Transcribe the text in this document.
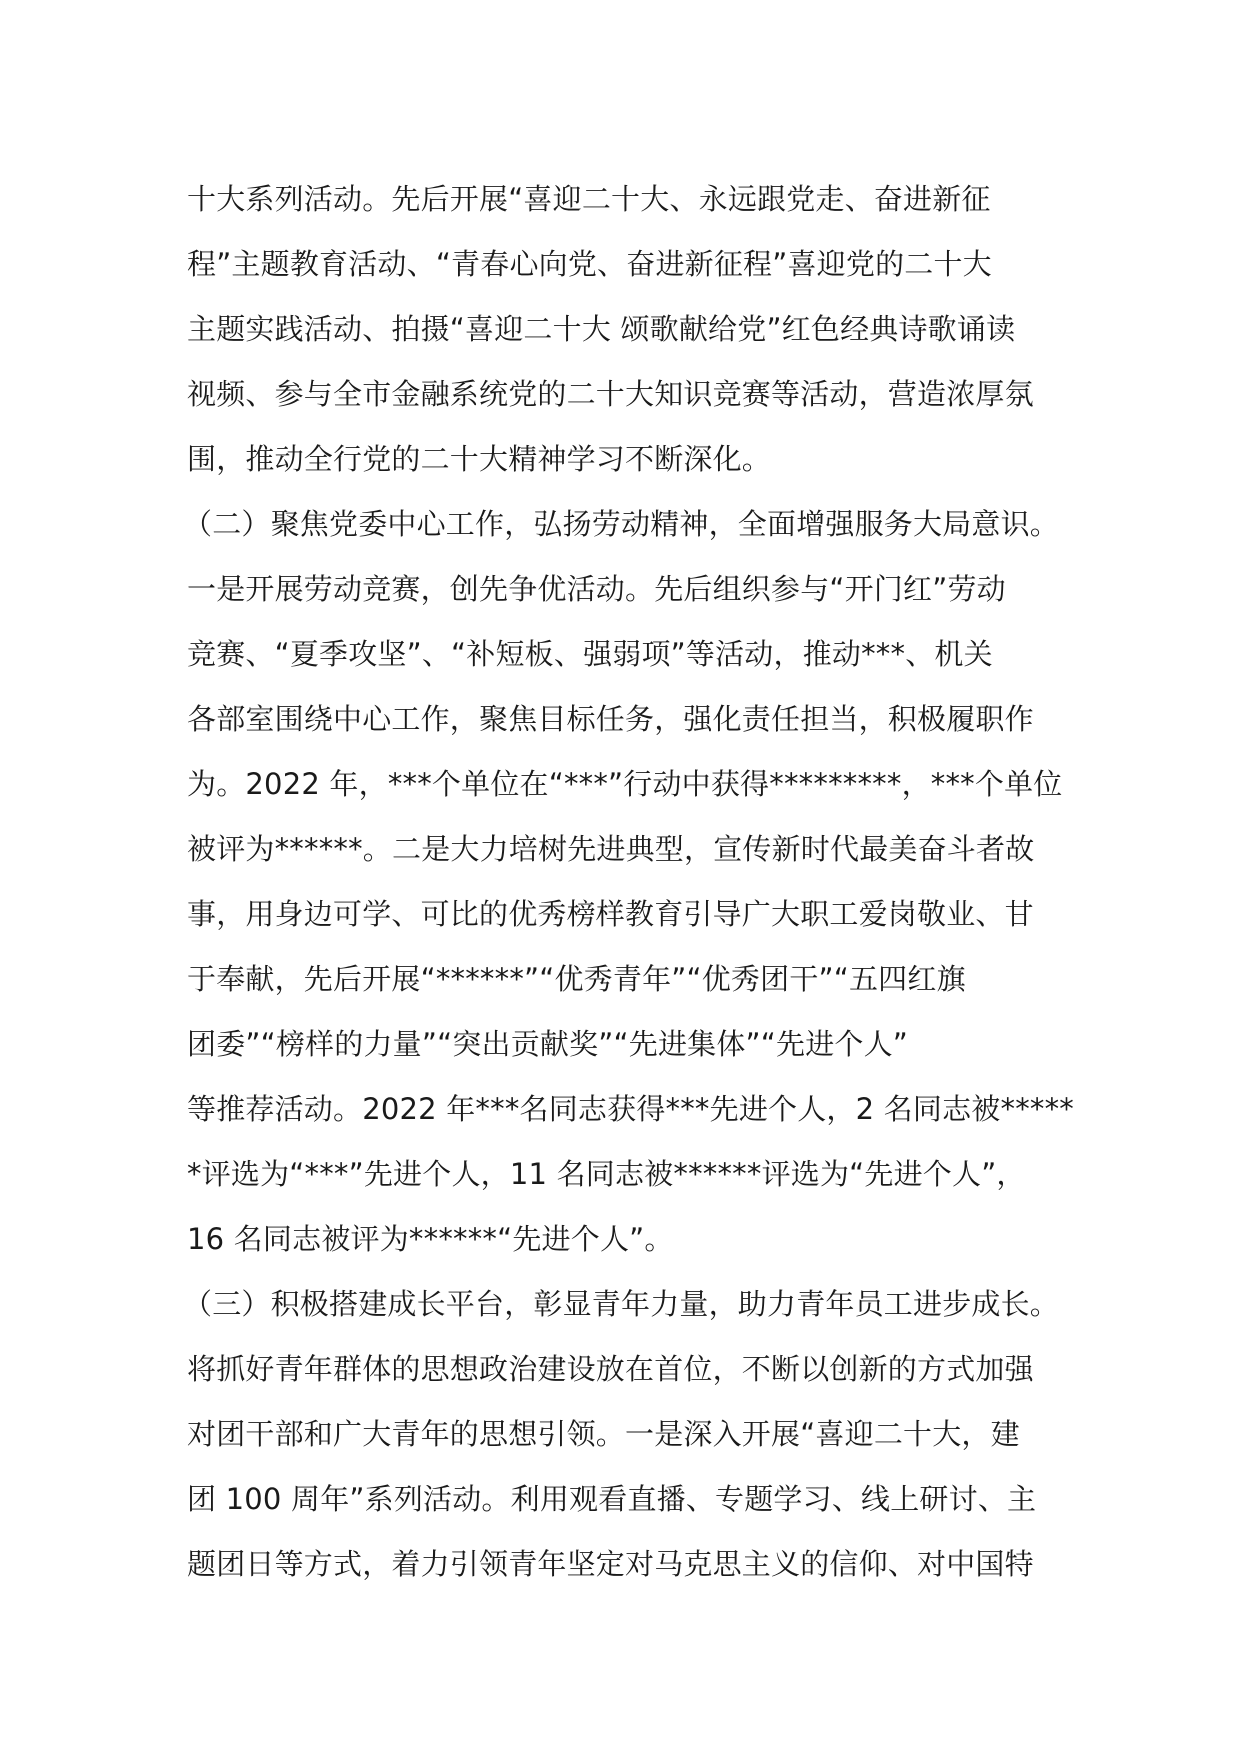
十大系列活动。先后开展“喜迎二十大、永远跟党走、奋进新征
程”主题教育活动、“青春心向党、奋进新征程”喜迎党的二十大
主题实践活动、拍摄“喜迎二十大 颂歌献给党”红色经典诗歌诵读
视频、参与全市金融系统党的二十大知识竞赛等活动，营造浓厚氛
围，推动全行党的二十大精神学习不断深化。
（二）聚焦党委中心工作，弘扬劳动精神，全面增强服务大局意识。
一是开展劳动竞赛，创先争优活动。先后组织参与“开门红”劳动
竞赛、“夏季攻坚”、“补短板、强弱项”等活动，推动***、机关
各部室围绕中心工作，聚焦目标任务，强化责任担当，积极履职作
为。2022 年，***个单位在“***”行动中获得*********，***个单位
被评为******。二是大力培树先进典型，宣传新时代最美奋斗者故
事，用身边可学、可比的优秀榜样教育引导广大职工爱岗敬业、甘
于奉献，先后开展“******”“优秀青年”“优秀团干”“五四红旗
团委”“榜样的力量”“突出贡献奖”“先进集体”“先进个人”
等推荐活动。2022 年***名同志获得***先进个人，2 名同志被*****
*评选为“***”先进个人，11 名同志被******评选为“先进个人”，
16 名同志被评为******“先进个人”。
（三）积极搭建成长平台，彰显青年力量，助力青年员工进步成长。
将抓好青年群体的思想政治建设放在首位，不断以创新的方式加强
对团干部和广大青年的思想引领。一是深入开展“喜迎二十大，建
团 100 周年”系列活动。利用观看直播、专题学习、线上研讨、主
题团日等方式，着力引领青年坚定对马克思主义的信仰、对中国特
